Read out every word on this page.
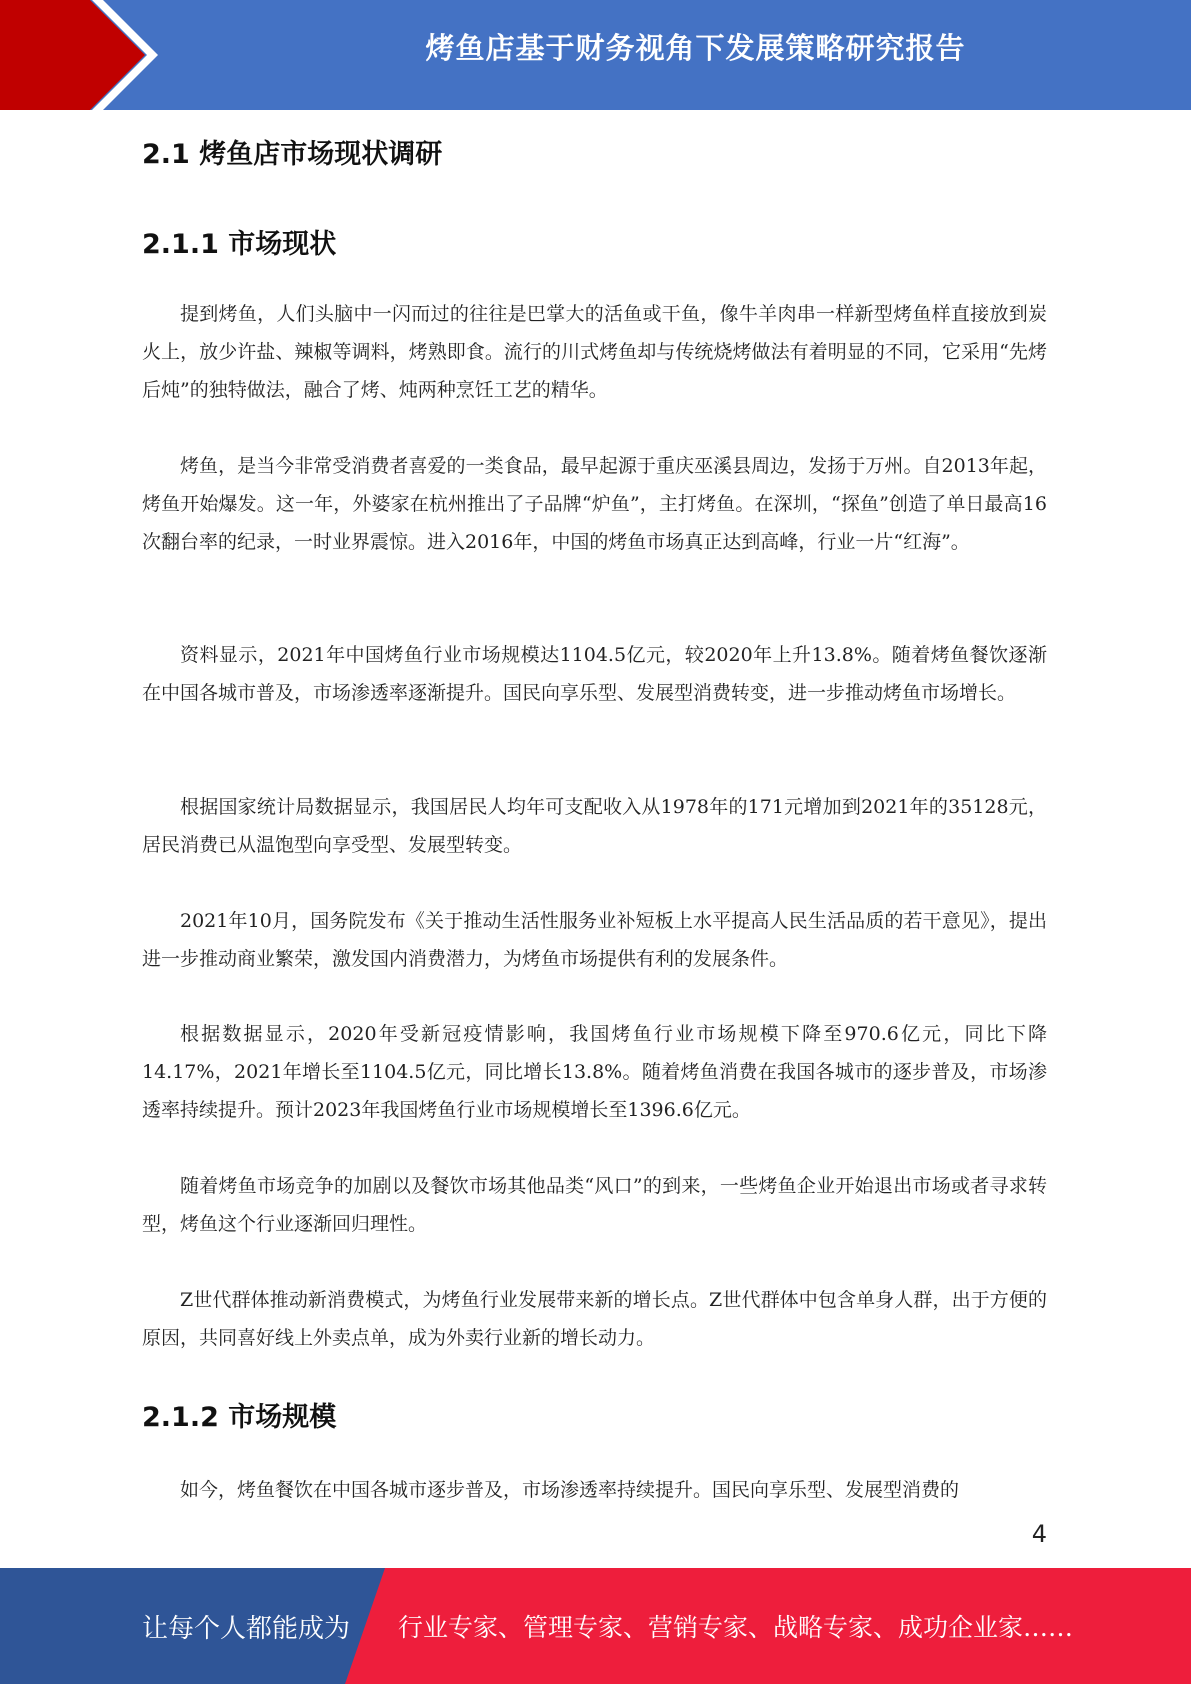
烤鱼店基于财务视角下发展策略研究报告
2.1 烤鱼店市场现状调研
2.1.1 市场现状

提到烤鱼，人们头脑中一闪而过的往往是巴掌大的活鱼或干鱼，像牛羊肉串一样新型烤鱼样直接放到炭火上，放少许盐、辣椒等调料，烤熟即食。流行的川式烤鱼却与传统烧烤做法有着明显的不同，它采用“先烤后炖”的独特做法，融合了烤、炖两种烹饪工艺的精华。

烤鱼，是当今非常受消费者喜爱的一类食品，最早起源于重庆巫溪县周边，发扬于万州。自2013年起，烤鱼开始爆发。这一年，外婆家在杭州推出了子品牌“炉鱼”，主打烤鱼。在深圳，“探鱼”创造了单日最高16次翻台率的纪录，一时业界震惊。进入2016年，中国的烤鱼市场真正达到高峰，行业一片“红海”。

资料显示，2021年中国烤鱼行业市场规模达1104.5亿元，较2020年上升13.8%。随着烤鱼餐饮逐渐在中国各城市普及，市场渗透率逐渐提升。国民向享乐型、发展型消费转变，进一步推动烤鱼市场增长。

根据国家统计局数据显示，我国居民人均年可支配收入从1978年的171元增加到2021年的35128元，居民消费已从温饱型向享受型、发展型转变。

2021年10月，国务院发布《关于推动生活性服务业补短板上水平提高人民生活品质的若干意见》，提出进一步推动商业繁荣，激发国内消费潜力，为烤鱼市场提供有利的发展条件。

根据数据显示，2020年受新冠疫情影响，我国烤鱼行业市场规模下降至970.6亿元，同比下降14.17%，2021年增长至1104.5亿元，同比增长13.8%。随着烤鱼消费在我国各城市的逐步普及，市场渗透率持续提升。预计2023年我国烤鱼行业市场规模增长至1396.6亿元。

随着烤鱼市场竞争的加剧以及餐饮市场其他品类“风口”的到来，一些烤鱼企业开始退出市场或者寻求转型，烤鱼这个行业逐渐回归理性。

Z世代群体推动新消费模式，为烤鱼行业发展带来新的增长点。Z世代群体中包含单身人群，出于方便的原因，共同喜好线上外卖点单，成为外卖行业新的增长动力。

2.1.2 市场规模

如今，烤鱼餐饮在中国各城市逐步普及，市场渗透率持续提升。国民向享乐型、发展型消费的

4
让每个人都能成为 行业专家、管理专家、营销专家、战略专家、成功企业家……
